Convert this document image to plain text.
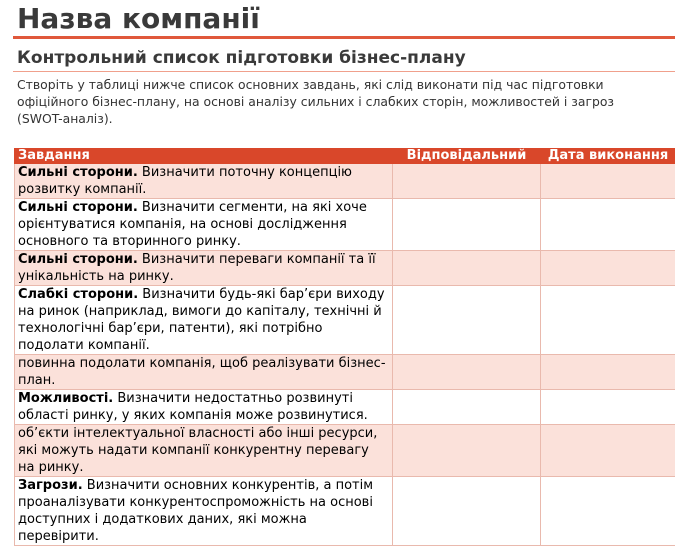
Назва компанії
Контрольний список підготовки бізнес-плану
Створіть у таблиці нижче список основних завдань, які слід виконати під час підготовки офіційного бізнес-плану, на основі аналізу сильних і слабких сторін, можливостей і загроз (SWOT-аналіз).
Завдання	Відповідальний	Дата виконання
Сильні сторони. Визначити поточну концепцію розвитку компанії.		
Сильні сторони. Визначити сегменти, на які хоче орієнтуватися компанія, на основі дослідження основного та вторинного ринку.		
Сильні сторони. Визначити переваги компанії та її унікальність на ринку.		
Слабкі сторони. Визначити будь-які бар’єри виходу на ринок (наприклад, вимоги до капіталу, технічні й технологічні бар’єри, патенти), які потрібно подолати компанії.		
повинна подолати компанія, щоб реалізувати бізнес-план.		
Можливості. Визначити недостатньо розвинуті області ринку, у яких компанія може розвинутися.		
об’єкти інтелектуальної власності або інші ресурси, які можуть надати компанії конкурентну перевагу на ринку.		
Загрози. Визначити основних конкурентів, а потім проаналізувати конкурентоспроможність на основі доступних і додаткових даних, які можна перевірити.		
